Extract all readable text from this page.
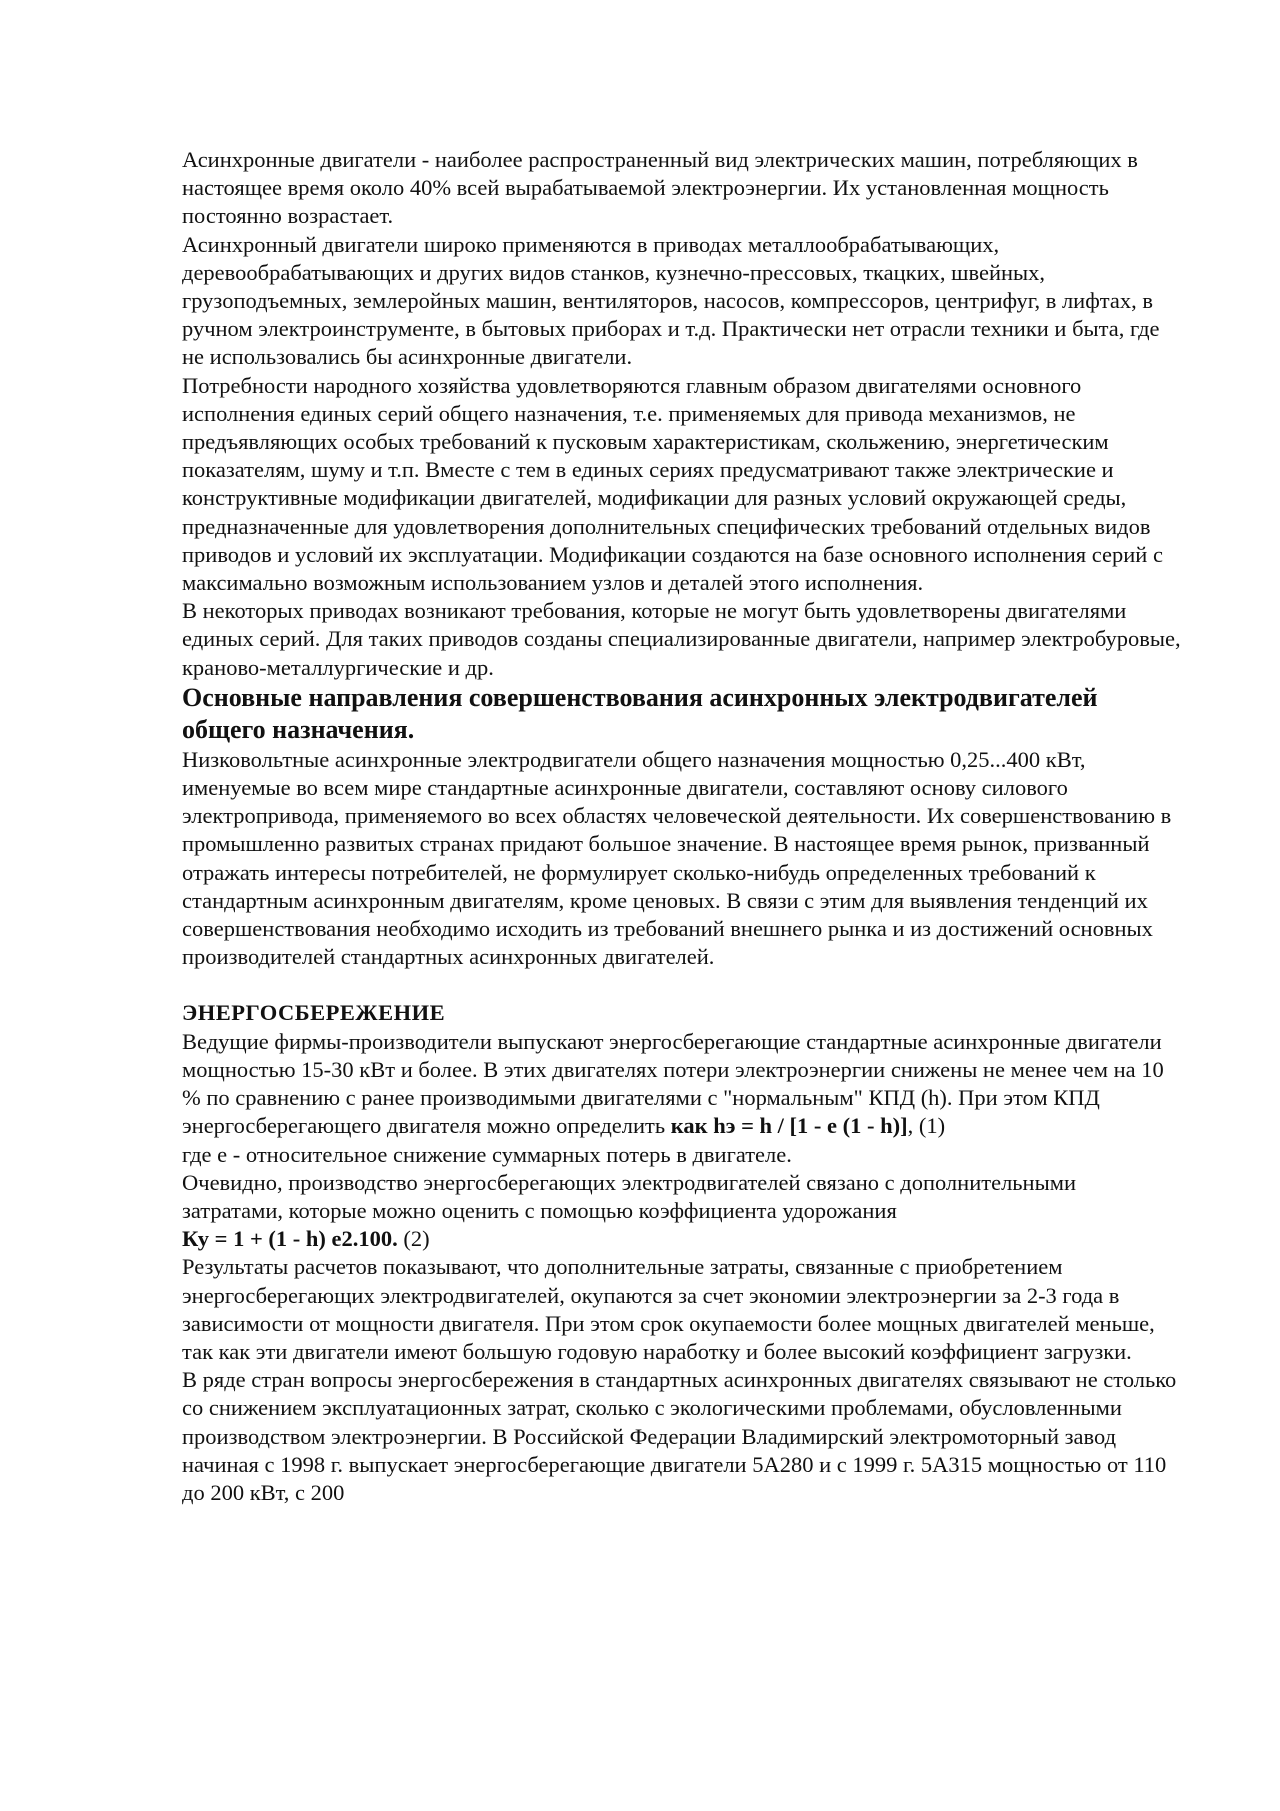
Асинхронные двигатели - наиболее распространенный вид электрических машин, потребляющих в настоящее время около 40% всей вырабатываемой электроэнергии. Их установленная мощность постоянно возрастает.

Асинхронный двигатели широко применяются в приводах металлообрабатывающих, деревообрабатывающих и других видов станков, кузнечно-прессовых, ткацких, швейных, грузоподъемных, землеройных машин, вентиляторов, насосов, компрессоров, центрифуг, в лифтах, в ручном электроинструменте, в бытовых приборах и т.д. Практически нет отрасли техники и быта, где не использовались бы асинхронные двигатели.

Потребности народного хозяйства удовлетворяются главным образом двигателями основного исполнения единых серий общего назначения, т.е. применяемых для привода механизмов, не предъявляющих особых требований к пусковым характеристикам, скольжению, энергетическим показателям, шуму и т.п. Вместе с тем в единых сериях предусматривают также электрические и конструктивные модификации двигателей, модификации для разных условий окружающей среды, предназначенные для удовлетворения дополнительных специфических требований отдельных видов приводов и условий их эксплуатации. Модификации создаются на базе основного исполнения серий с максимально возможным использованием узлов и деталей этого исполнения.

В некоторых приводах возникают требования, которые не могут быть удовлетворены двигателями единых серий. Для таких приводов созданы специализированные двигатели, например электробуровые, краново-металлургические и др.

Основные направления совершенствования асинхронных электродвигателей общего назначения.

Низковольтные асинхронные электродвигатели общего назначения мощностью 0,25...400 кВт, именуемые во всем мире стандартные асинхронные двигатели, составляют основу силового электропривода, применяемого во всех областях человеческой деятельности. Их совершенствованию в промышленно развитых странах придают большое значение. В настоящее время рынок, призванный отражать интересы потребителей, не формулирует сколько-нибудь определенных требований к стандартным асинхронным двигателям, кроме ценовых. В связи с этим для выявления тенденций их совершенствования необходимо исходить из требований внешнего рынка и из достижений основных производителей стандартных асинхронных двигателей.

ЭНЕРГОСБЕРЕЖЕНИЕ

Ведущие фирмы-производители выпускают энергосберегающие стандартные асинхронные двигатели мощностью 15-30 кВт и более. В этих двигателях потери электроэнергии снижены не менее чем на 10 % по сравнению с ранее производимыми двигателями с "нормальным" КПД (h). При этом КПД энергосберегающего двигателя можно определить как hэ = h / [1 - e (1 - h)], (1)

где e - относительное снижение суммарных потерь в двигателе.

Очевидно, производство энергосберегающих электродвигателей связано с дополнительными затратами, которые можно оценить с помощью коэффициента удорожания

Ку = 1 + (1 - h) e2.100. (2)

Результаты расчетов показывают, что дополнительные затраты, связанные с приобретением энергосберегающих электродвигателей, окупаются за счет экономии электроэнергии за 2-3 года в зависимости от мощности двигателя. При этом срок окупаемости более мощных двигателей меньше, так как эти двигатели имеют большую годовую наработку и более высокий коэффициент загрузки.

В ряде стран вопросы энергосбережения в стандартных асинхронных двигателях связывают не столько со снижением эксплуатационных затрат, сколько с экологическими проблемами, обусловленными производством электроэнергии. В Российской Федерации Владимирский электромоторный завод начиная с 1998 г. выпускает энергосберегающие двигатели 5А280 и с 1999 г. 5А315 мощностью от 110 до 200 кВт, с 200
